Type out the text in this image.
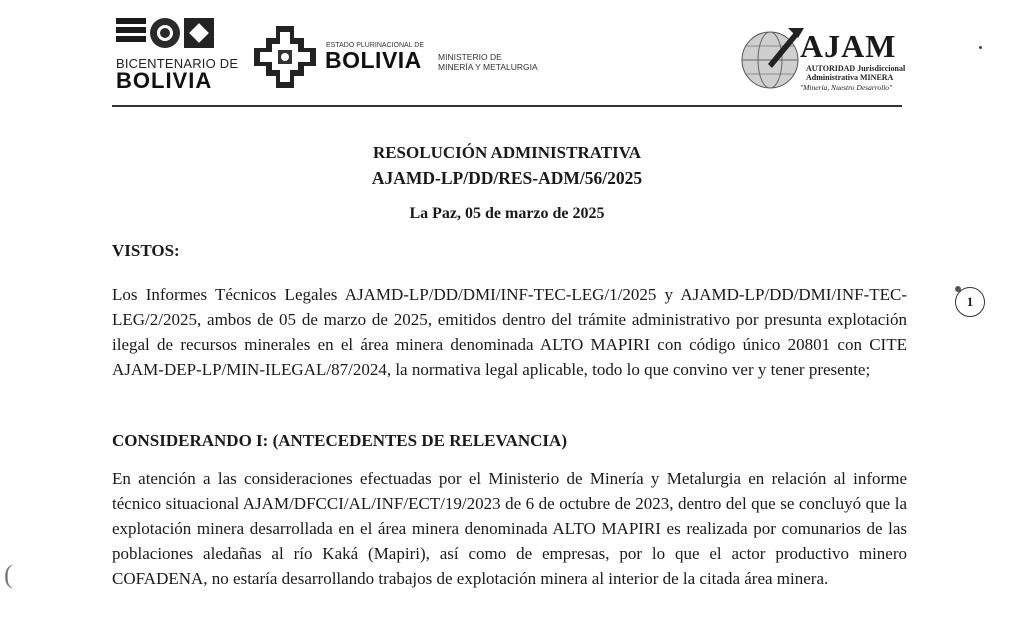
BICENTENARIO DE
BOLIVIA
ESTADO PLURINACIONAL DE
BOLIVIA MINISTERIO DE
MINERÍA Y METALURGIA
AJAM
AUTORIDAD Jurisdiccional
Administrativa MINERA
"Minería, Nuestro Desarrollo"
RESOLUCIÓN ADMINISTRATIVA
AJAMD-LP/DD/RES-ADM/56/2025
La Paz, 05 de marzo de 2025
VISTOS:
Los Informes Técnicos Legales AJAMD-LP/DD/DMI/INF-TEC-LEG/1/2025 y AJAMD-LP/DD/DMI/INF-TEC-LEG/2/2025, ambos de 05 de marzo de 2025, emitidos dentro del trámite administrativo por presunta explotación ilegal de recursos minerales en el área minera denominada ALTO MAPIRI con código único 20801 con CITE AJAM-DEP-LP/MIN-ILEGAL/87/2024, la normativa legal aplicable, todo lo que convino ver y tener presente;
1
CONSIDERANDO I: (ANTECEDENTES DE RELEVANCIA)
En atención a las consideraciones efectuadas por el Ministerio de Minería y Metalurgia en relación al informe técnico situacional AJAM/DFCCI/AL/INF/ECT/19/2023 de 6 de octubre de 2023, dentro del que se concluyó que la explotación minera desarrollada en el área minera denominada ALTO MAPIRI es realizada por comunarios de las poblaciones aledañas al río Kaká (Mapiri), así como de empresas, por lo que el actor productivo minero COFADENA, no estaría desarrollando trabajos de explotación minera al interior de la citada área minera.
(
